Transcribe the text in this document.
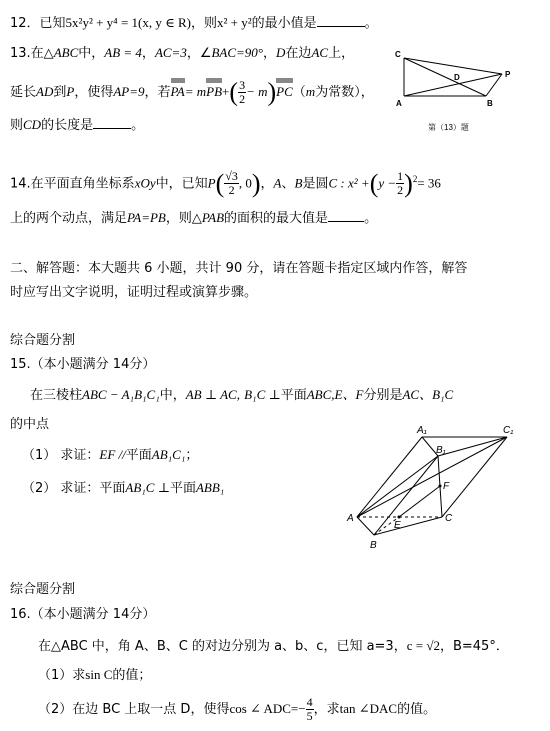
12．已知5x²y² + y⁴ = 1(x, y ∈ R)，则x² + y²的最小值是	。
13.在△ABC中，AB = 4，AC=3，∠BAC=90°，D在边AC上，
延长AD到P，使得AP=9，若$PA= mPB+( \frac{3}{2} - m)PC(m$为常数），
则CD的长度是	。
C
D	P
A	B
第（13）题
14.在平面直角坐标系xOy中，已知$P( \frac{√3}{2}$ , 0)，A、B是圆C : $x^2 +(y - \frac{1}{2} )^2= 36$
上的两个动点，满足PA=PB，则△PAB的面积的最大值是	。
二、解答题：本大题共 6 小题，共计 90 分，请在答题卡指定区域内作答，解答
时应写出文字说明，证明过程或演算步骤。
综合题分割
15.（本小题满分 14分）
在三棱柱ABC − A₁B₁C₁中，AB ⊥ AC, B₁C ⊥平面ABC,E、F分别是AC、B₁C
的中点
（1） 求证：EF //平面AB₁C₁；
（2） 求证：平面AB₁C ⊥平面ABB₁
A₁	C₁
B₁
F
A
E
C
B
综合题分割
16.（本小题满分 14分）
在△ABC 中，角 A、B、C 的对边分别为 a、b、c，已知 a=3，c = √2，B=45°．
（1）求sin C的值；
（2）在边 BC 上取一点 D，使得cos ∠ $ADC=- \frac{4}{5}$ ，求tan ∠DAC的值。
